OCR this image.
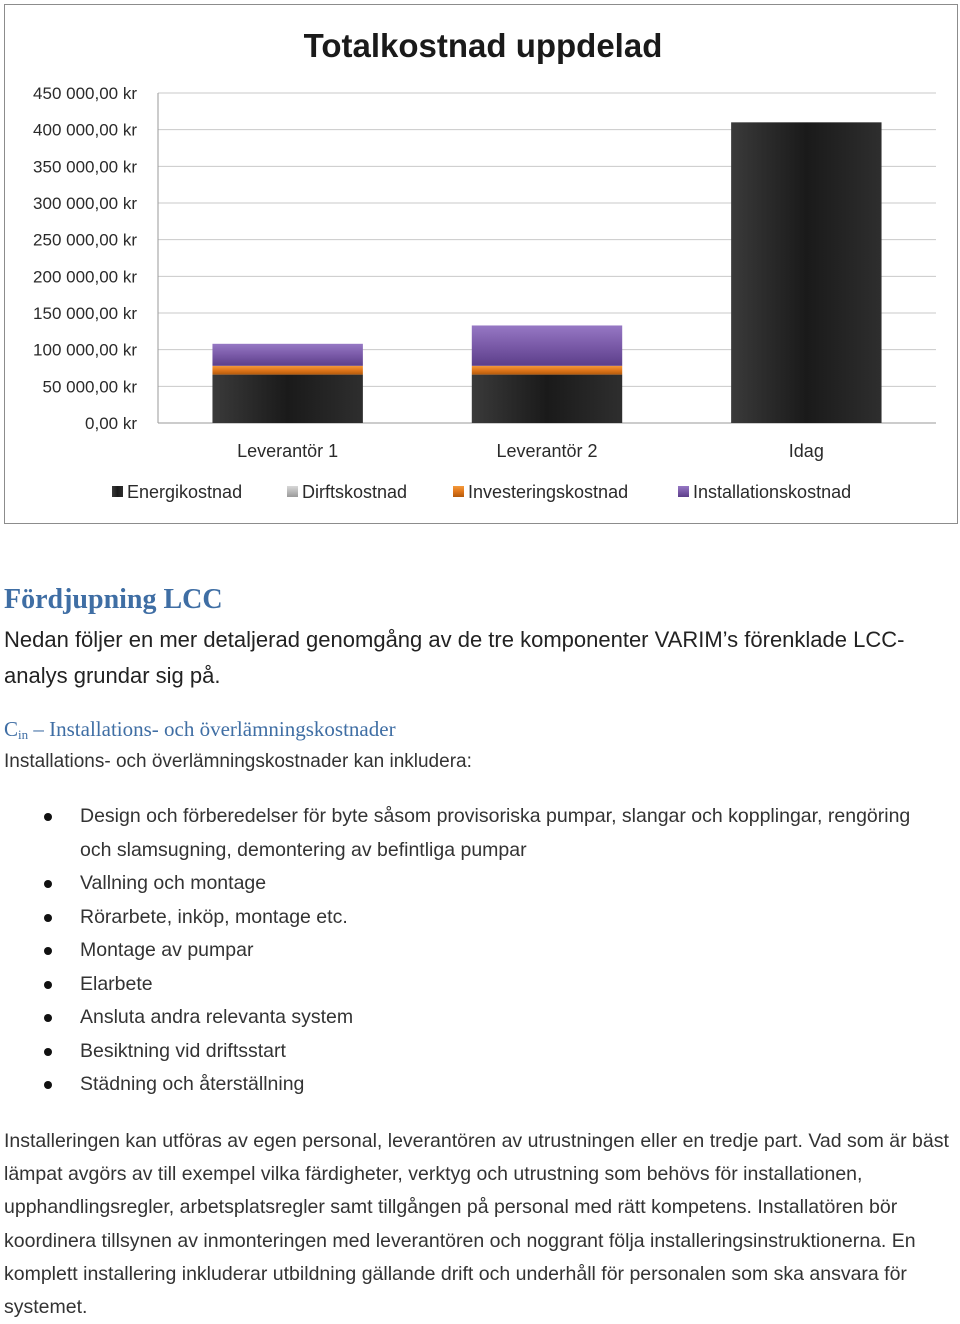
Totalkostnad uppdelad
0,00 kr
50 000,00 kr
100 000,00 kr
150 000,00 kr
200 000,00 kr
250 000,00 kr
300 000,00 kr
350 000,00 kr
400 000,00 kr
450 000,00 kr
Leverantör 1	Leverantör 2	Idag
Energikostnad	Dirftskostnad	Investeringskostnad	Installationskostnad
Fördjupning LCC

Nedan följer en mer detaljerad genomgång av de tre komponenter VARIM’s förenklade LCC-analys grundar sig på.

$C_{in}$ – Installations- och överlämningskostnader

Installations- och överlämningskostnader kan inkludera:

Design och förberedelser för byte såsom provisoriska pumpar, slangar och kopplingar, rengöring och slamsugning, demontering av befintliga pumpar
Vallning och montage
Rörarbete, inköp, montage etc.
Montage av pumpar
Elarbete
Ansluta andra relevanta system
Besiktning vid driftsstart
Städning och återställning

Installeringen kan utföras av egen personal, leverantören av utrustningen eller en tredje part. Vad som är bäst lämpat avgörs av till exempel vilka färdigheter, verktyg och utrustning som behövs för installationen, upphandlingsregler, arbetsplatsregler samt tillgången på personal med rätt kompetens. Installatören bör koordinera tillsynen av inmonteringen med leverantören och noggrant följa installeringsinstruktionerna. En komplett installering inkluderar utbildning gällande drift och underhåll för personalen som ska ansvara för systemet.
